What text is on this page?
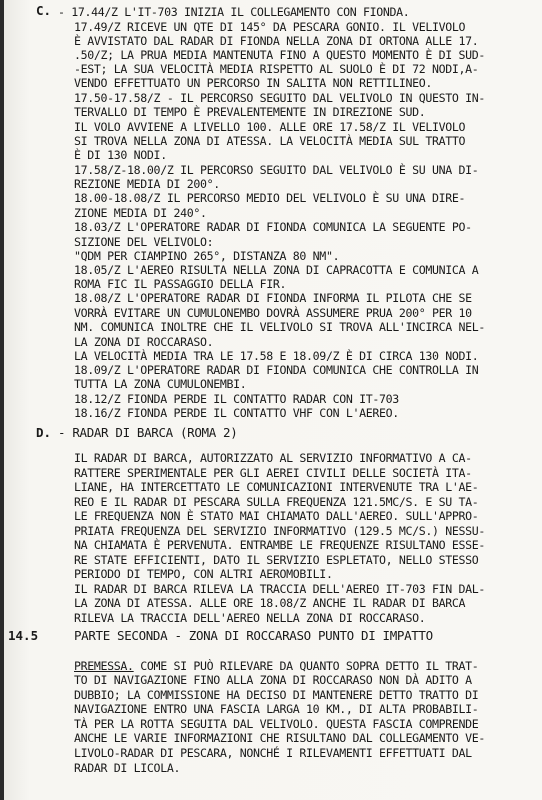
C. - 17.44/Z L'IT-703 INIZIA IL COLLEGAMENTO CON FIONDA.

17.49/Z RICEVE UN QTE DI 145° DA PESCARA GONIO. IL VELIVOLO

È AVVISTATO DAL RADAR DI FIONDA NELLA ZONA DI ORTONA ALLE 17.

.50/Z; LA PRUA MEDIA MANTENUTA FINO A QUESTO MOMENTO È DI SUD-

-EST; LA SUA VELOCITÀ MEDIA RISPETTO AL SUOLO È DI 72 NODI,A-

VENDO EFFETTUATO UN PERCORSO IN SALITA NON RETTILINEO.

17.50-17.58/Z - IL PERCORSO SEGUITO DAL VELIVOLO IN QUESTO IN-

TERVALLO DI TEMPO È PREVALENTEMENTE IN DIREZIONE SUD.

IL VOLO AVVIENE A LIVELLO 100. ALLE ORE 17.58/Z IL VELIVOLO

SI TROVA NELLA ZONA DI ATESSA. LA VELOCITÀ MEDIA SUL TRATTO

È DI 130 NODI.

17.58/Z-18.00/Z IL PERCORSO SEGUITO DAL VELIVOLO È SU UNA DI-

REZIONE MEDIA DI 200°.

18.00-18.08/Z IL PERCORSO MEDIO DEL VELIVOLO È SU UNA DIRE-

ZIONE MEDIA DI 240°.

18.03/Z L'OPERATORE RADAR DI FIONDA COMUNICA LA SEGUENTE PO-

SIZIONE DEL VELIVOLO:

"QDM PER CIAMPINO 265°, DISTANZA 80 NM".

18.05/Z L'AEREO RISULTA NELLA ZONA DI CAPRACOTTA E COMUNICA A

ROMA FIC IL PASSAGGIO DELLA FIR.

18.08/Z L'OPERATORE RADAR DI FIONDA INFORMA IL PILOTA CHE SE

VORRÀ EVITARE UN CUMULONEMBO DOVRÀ ASSUMERE PRUA 200° PER 10

NM. COMUNICA INOLTRE CHE IL VELIVOLO SI TROVA ALL'INCIRCA NEL-

LA ZONA DI ROCCARASO.

LA VELOCITÀ MEDIA TRA LE 17.58 E 18.09/Z È DI CIRCA 130 NODI.

18.09/Z L'OPERATORE RADAR DI FIONDA COMUNICA CHE CONTROLLA IN

TUTTA LA ZONA CUMULONEMBI.

18.12/Z FIONDA PERDE IL CONTATTO RADAR CON IT-703

18.16/Z FIONDA PERDE IL CONTATTO VHF CON L'AEREO.

D. - RADAR DI BARCA (ROMA 2)

IL RADAR DI BARCA, AUTORIZZATO AL SERVIZIO INFORMATIVO A CA-

RATTERE SPERIMENTALE PER GLI AEREI CIVILI DELLE SOCIETÀ ITA-

LIANE, HA INTERCETTATO LE COMUNICAZIONI INTERVENUTE TRA L'AE-

REO E IL RADAR DI PESCARA SULLA FREQUENZA 121.5MC/S. E SU TA-

LE FREQUENZA NON È STATO MAI CHIAMATO DALL'AEREO. SULL'APPRO-

PRIATA FREQUENZA DEL SERVIZIO INFORMATIVO (129.5 MC/S.) NESSU-

NA CHIAMATA È PERVENUTA. ENTRAMBE LE FREQUENZE RISULTANO ESSE-

RE STATE EFFICIENTI, DATO IL SERVIZIO ESPLETATO, NELLO STESSO

PERIODO DI TEMPO, CON ALTRI AEROMOBILI.

IL RADAR DI BARCA RILEVA LA TRACCIA DELL'AEREO IT-703 FIN DAL-

LA ZONA DI ATESSA. ALLE ORE 18.08/Z ANCHE IL RADAR DI BARCA

RILEVA LA TRACCIA DELL'AEREO NELLA ZONA DI ROCCARASO.

14.5	PARTE SECONDA - ZONA DI ROCCARASO PUNTO DI IMPATTO

PREMESSA. COME SI PUÒ RILEVARE DA QUANTO SOPRA DETTO IL TRAT-

TO DI NAVIGAZIONE FINO ALLA ZONA DI ROCCARASO NON DÀ ADITO A

DUBBIO; LA COMMISSIONE HA DECISO DI MANTENERE DETTO TRATTO DI

NAVIGAZIONE ENTRO UNA FASCIA LARGA 10 KM., DI ALTA PROBABILI-

TÀ PER LA ROTTA SEGUITA DAL VELIVOLO. QUESTA FASCIA COMPRENDE

ANCHE LE VARIE INFORMAZIONI CHE RISULTANO DAL COLLEGAMENTO VE-

LIVOLO-RADAR DI PESCARA, NONCHÉ I RILEVAMENTI EFFETTUATI DAL

RADAR DI LICOLA.
